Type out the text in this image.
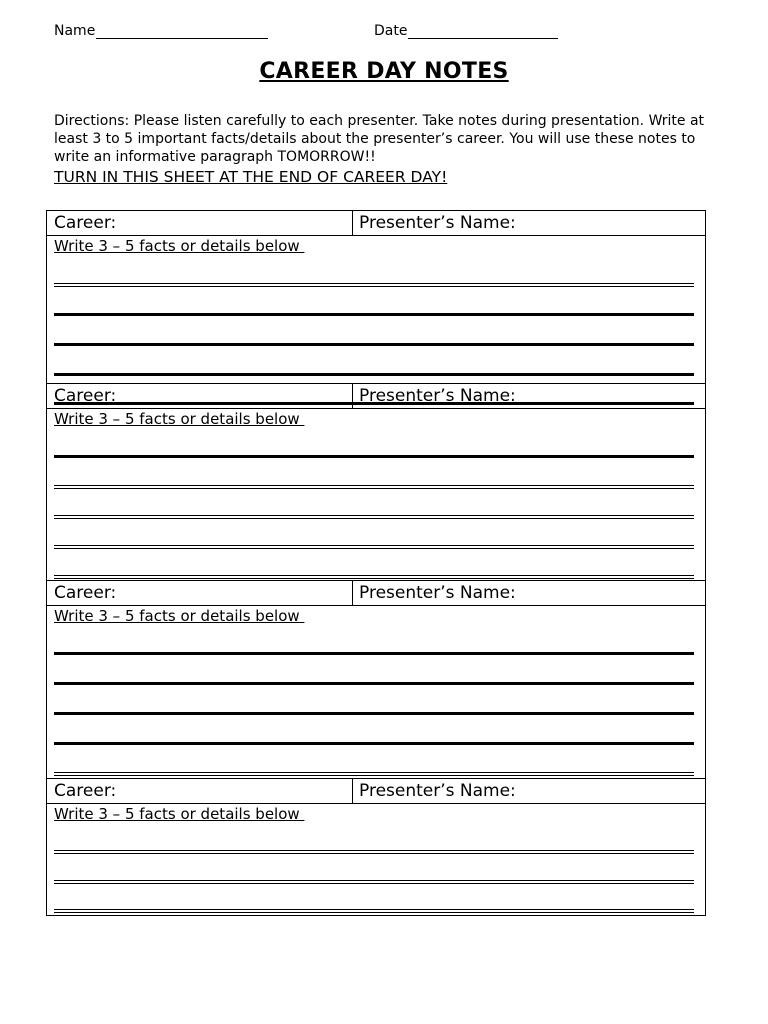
Name	Date
CAREER DAY NOTES
Directions: Please listen carefully to each presenter. Take notes during presentation. Write at least 3 to 5 important facts/details about the presenter’s career. You will use these notes to write an informative paragraph TOMORROW!!
TURN IN THIS SHEET AT THE END OF CAREER DAY!
Career:	Presenter’s Name:
Write 3 – 5 facts or details below
Career:	Presenter’s Name:
Write 3 – 5 facts or details below
Career:	Presenter’s Name:
Write 3 – 5 facts or details below
Career:	Presenter’s Name:
Write 3 – 5 facts or details below
